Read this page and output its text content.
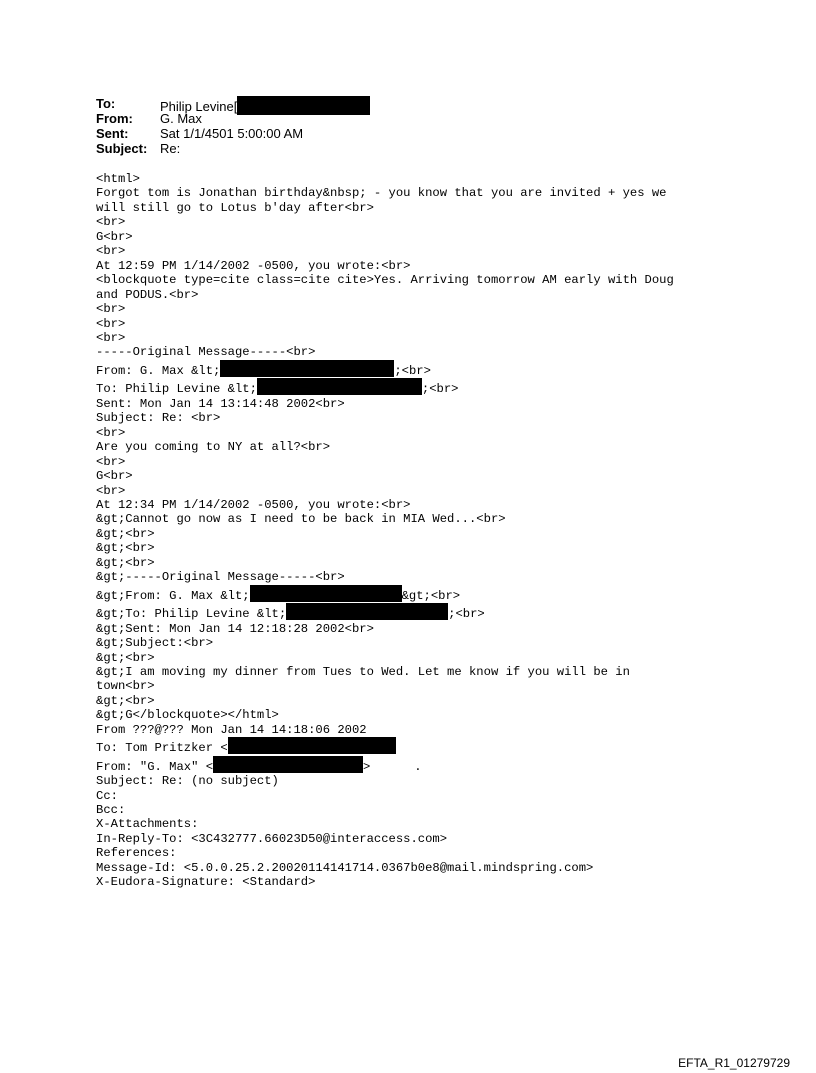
To:	Philip Levine[
From: G. Max
Sent: Sat 1/1/4501 5:00:00 AM
Subject: Re:
<html>
Forgot tom is Jonathan birthday&nbsp; - you know that you are invited + yes we
will still go to Lotus b'day after<br>
<br>
G<br>
<br>
At 12:59 PM 1/14/2002 -0500, you wrote:<br>
<blockquote type=cite class=cite cite>Yes. Arriving tomorrow AM early with Doug
and PODUS.<br>
<br>
<br>
<br>
-----Original Message-----<br>
From: G. Max &lt;	;<br>
To: Philip Levine &lt;	;<br>
Sent: Mon Jan 14 13:14:48 2002<br>
Subject: Re: <br>
<br>
Are you coming to NY at all?<br>
<br>
G<br>
<br>
At 12:34 PM 1/14/2002 -0500, you wrote:<br>
&gt;Cannot go now as I need to be back in MIA Wed...<br>
&gt;<br>
&gt;<br>
&gt;<br>
&gt;-----Original Message-----<br>
&gt;From: G. Max &lt;	&gt;<br>
&gt;To: Philip Levine &lt;	;<br>
&gt;Sent: Mon Jan 14 12:18:28 2002<br>
&gt;Subject:<br>
&gt;<br>
&gt;I am moving my dinner from Tues to Wed. Let me know if you will be in
town<br>
&gt;<br>
&gt;G</blockquote></html>
From ???@??? Mon Jan 14 14:18:06 2002
To: Tom Pritzker <
From: "G. Max" <	>      .
Subject: Re: (no subject)
Cc:
Bcc:
X-Attachments:
In-Reply-To: <3C432777.66023D50@interaccess.com>
References:
Message-Id: <5.0.0.25.2.20020114141714.0367b0e8@mail.mindspring.com>
X-Eudora-Signature: <Standard>
EFTA_R1_01279729
